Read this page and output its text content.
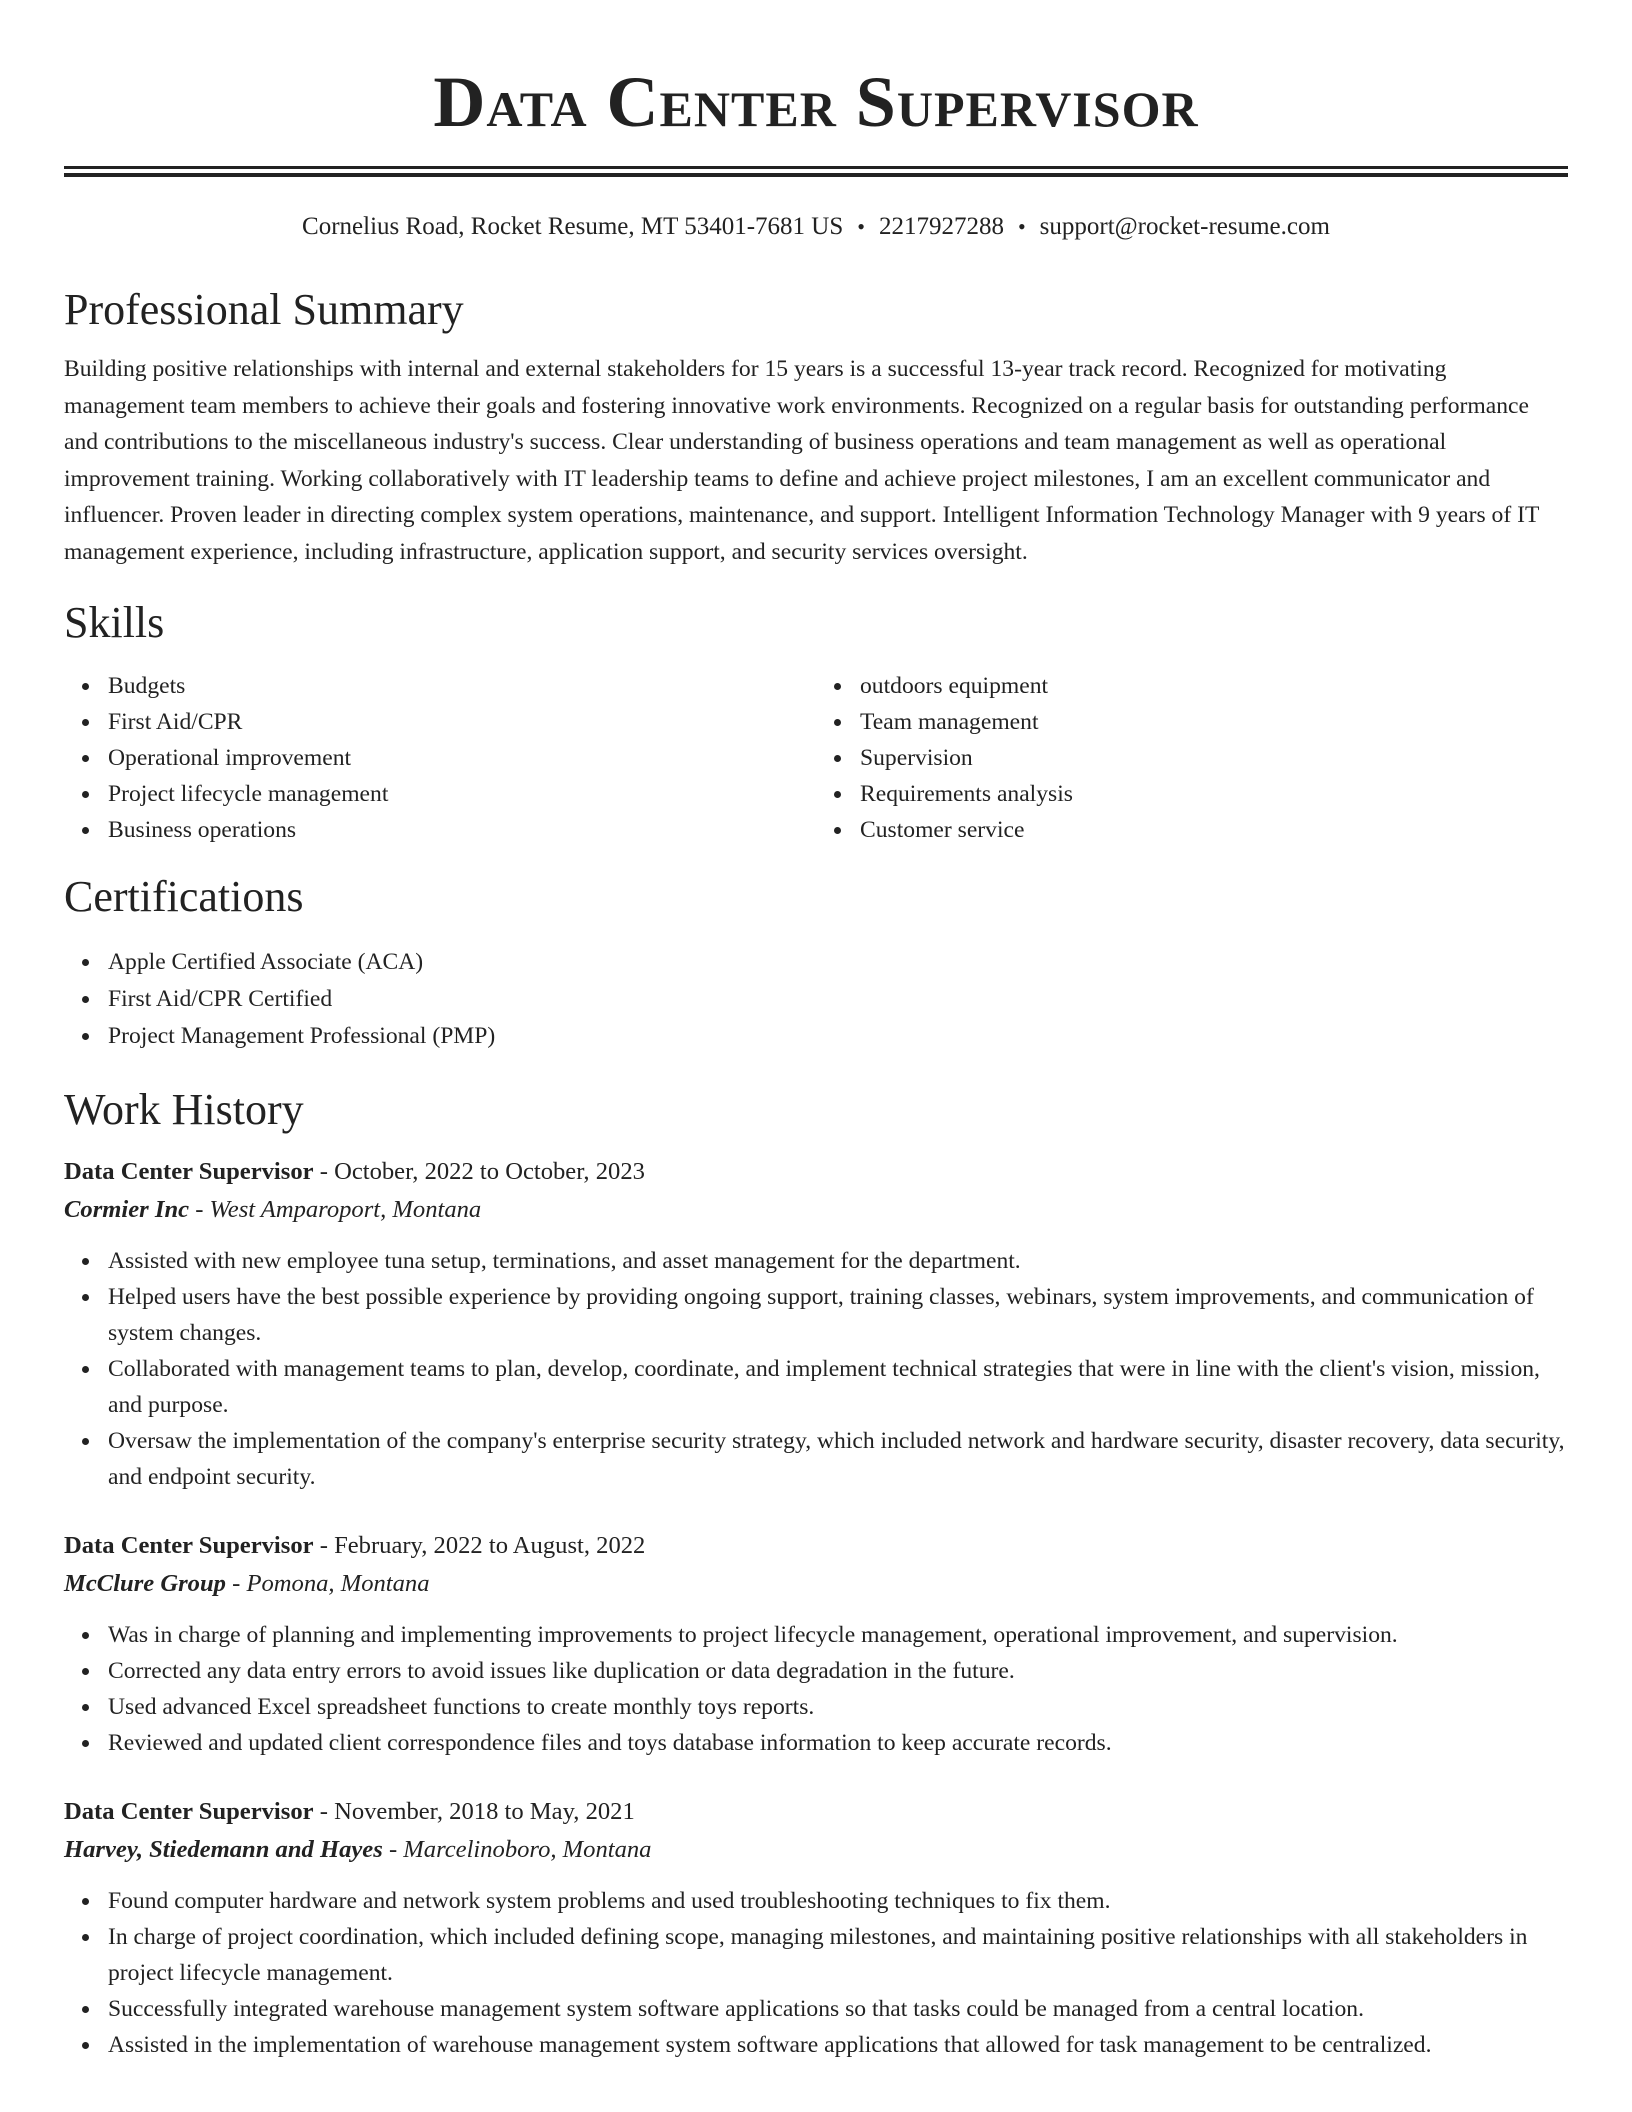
Data Center Supervisor
Cornelius Road, Rocket Resume, MT 53401-7681 US • 2217927288 • support@rocket-resume.com
Professional Summary

Building positive relationships with internal and external stakeholders for 15 years is a successful 13-year track record. Recognized for motivating management team members to achieve their goals and fostering innovative work environments. Recognized on a regular basis for outstanding performance and contributions to the miscellaneous industry's success. Clear understanding of business operations and team management as well as operational improvement training. Working collaboratively with IT leadership teams to define and achieve project milestones, I am an excellent communicator and influencer. Proven leader in directing complex system operations, maintenance, and support. Intelligent Information Technology Manager with 9 years of IT management experience, including infrastructure, application support, and security services oversight.

Skills
Budgets
First Aid/CPR
Operational improvement
Project lifecycle management
Business operations
outdoors equipment
Team management
Supervision
Requirements analysis
Customer service
Certifications
Apple Certified Associate (ACA)
First Aid/CPR Certified
Project Management Professional (PMP)
Work History
Data Center Supervisor - October, 2022 to October, 2023
Cormier Inc - West Amparoport, Montana
Assisted with new employee tuna setup, terminations, and asset management for the department.
Helped users have the best possible experience by providing ongoing support, training classes, webinars, system improvements, and communication of system changes.
Collaborated with management teams to plan, develop, coordinate, and implement technical strategies that were in line with the client's vision, mission, and purpose.
Oversaw the implementation of the company's enterprise security strategy, which included network and hardware security, disaster recovery, data security, and endpoint security.
Data Center Supervisor - February, 2022 to August, 2022
McClure Group - Pomona, Montana
Was in charge of planning and implementing improvements to project lifecycle management, operational improvement, and supervision.
Corrected any data entry errors to avoid issues like duplication or data degradation in the future.
Used advanced Excel spreadsheet functions to create monthly toys reports.
Reviewed and updated client correspondence files and toys database information to keep accurate records.
Data Center Supervisor - November, 2018 to May, 2021
Harvey, Stiedemann and Hayes - Marcelinoboro, Montana
Found computer hardware and network system problems and used troubleshooting techniques to fix them.
In charge of project coordination, which included defining scope, managing milestones, and maintaining positive relationships with all stakeholders in project lifecycle management.
Successfully integrated warehouse management system software applications so that tasks could be managed from a central location.
Assisted in the implementation of warehouse management system software applications that allowed for task management to be centralized.
